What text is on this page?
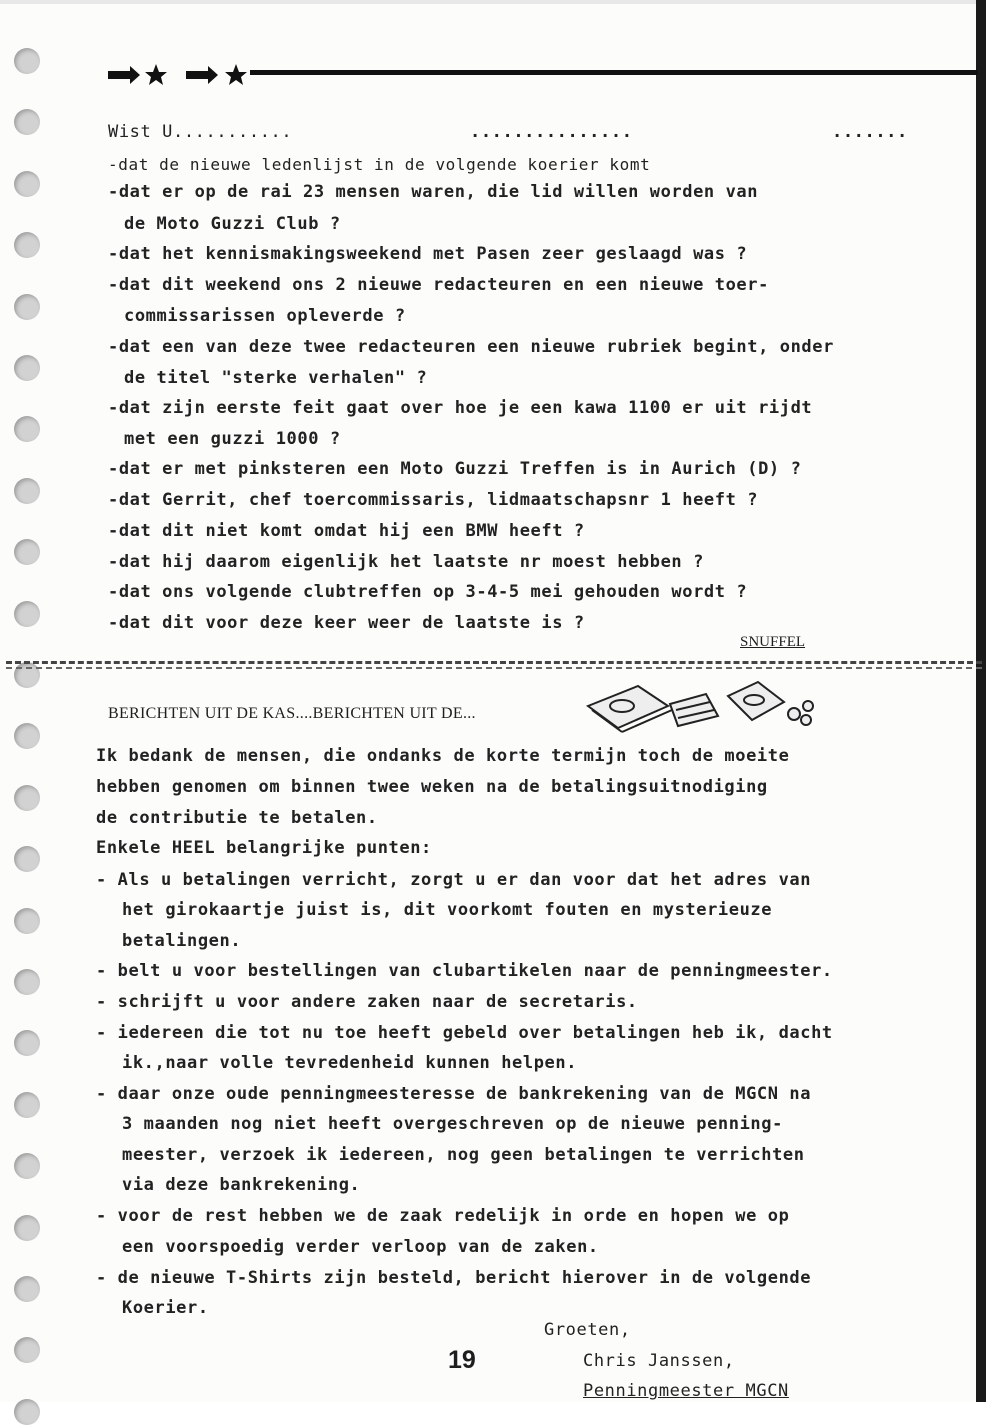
Wist U...........	...............	.......
-dat de nieuwe ledenlijst in de volgende koerier komt
-dat er op de rai 23 mensen waren, die lid willen worden van
de Moto Guzzi Club ?
-dat het kennismakingsweekend met Pasen zeer geslaagd was ?
-dat dit weekend ons 2 nieuwe redacteuren en een nieuwe toer-
commissarissen opleverde ?
-dat een van deze twee redacteuren een nieuwe rubriek begint, onder
de titel "sterke verhalen" ?
-dat zijn eerste feit gaat over hoe je een kawa 1100 er uit rijdt
met een guzzi 1000 ?
-dat er met pinksteren een Moto Guzzi Treffen is in Aurich (D) ?
-dat Gerrit, chef toercommissaris, lidmaatschapsnr 1 heeft ?
-dat dit niet komt omdat hij een BMW heeft ?
-dat hij daarom eigenlijk het laatste nr moest hebben ?
-dat ons volgende clubtreffen op 3-4-5 mei gehouden wordt ?
-dat dit voor deze keer weer de laatste is ?
SNUFFEL
BERICHTEN UIT DE KAS....BERICHTEN UIT DE...
Ik bedank de mensen, die ondanks de korte termijn toch de moeite
hebben genomen om binnen twee weken na de betalingsuitnodiging
de contributie te betalen.
Enkele HEEL belangrijke punten:
- Als u betalingen verricht, zorgt u er dan voor dat het adres van
het girokaartje juist is, dit voorkomt fouten en mysterieuze
betalingen.
- belt u voor bestellingen van clubartikelen naar de penningmeester.
- schrijft u voor andere zaken naar de secretaris.
- iedereen die tot nu toe heeft gebeld over betalingen heb ik, dacht
ik.,naar volle tevredenheid kunnen helpen.
- daar onze oude penningmeesteresse de bankrekening van de MGCN na
3 maanden nog niet heeft overgeschreven op de nieuwe penning-
meester, verzoek ik iedereen, nog geen betalingen te verrichten
via deze bankrekening.
- voor de rest hebben we de zaak redelijk in orde en hopen we op
een voorspoedig verder verloop van de zaken.
- de nieuwe T-Shirts zijn besteld, bericht hierover in de volgende
Koerier.
Groeten,
Chris Janssen,
Penningmeester MGCN
19
